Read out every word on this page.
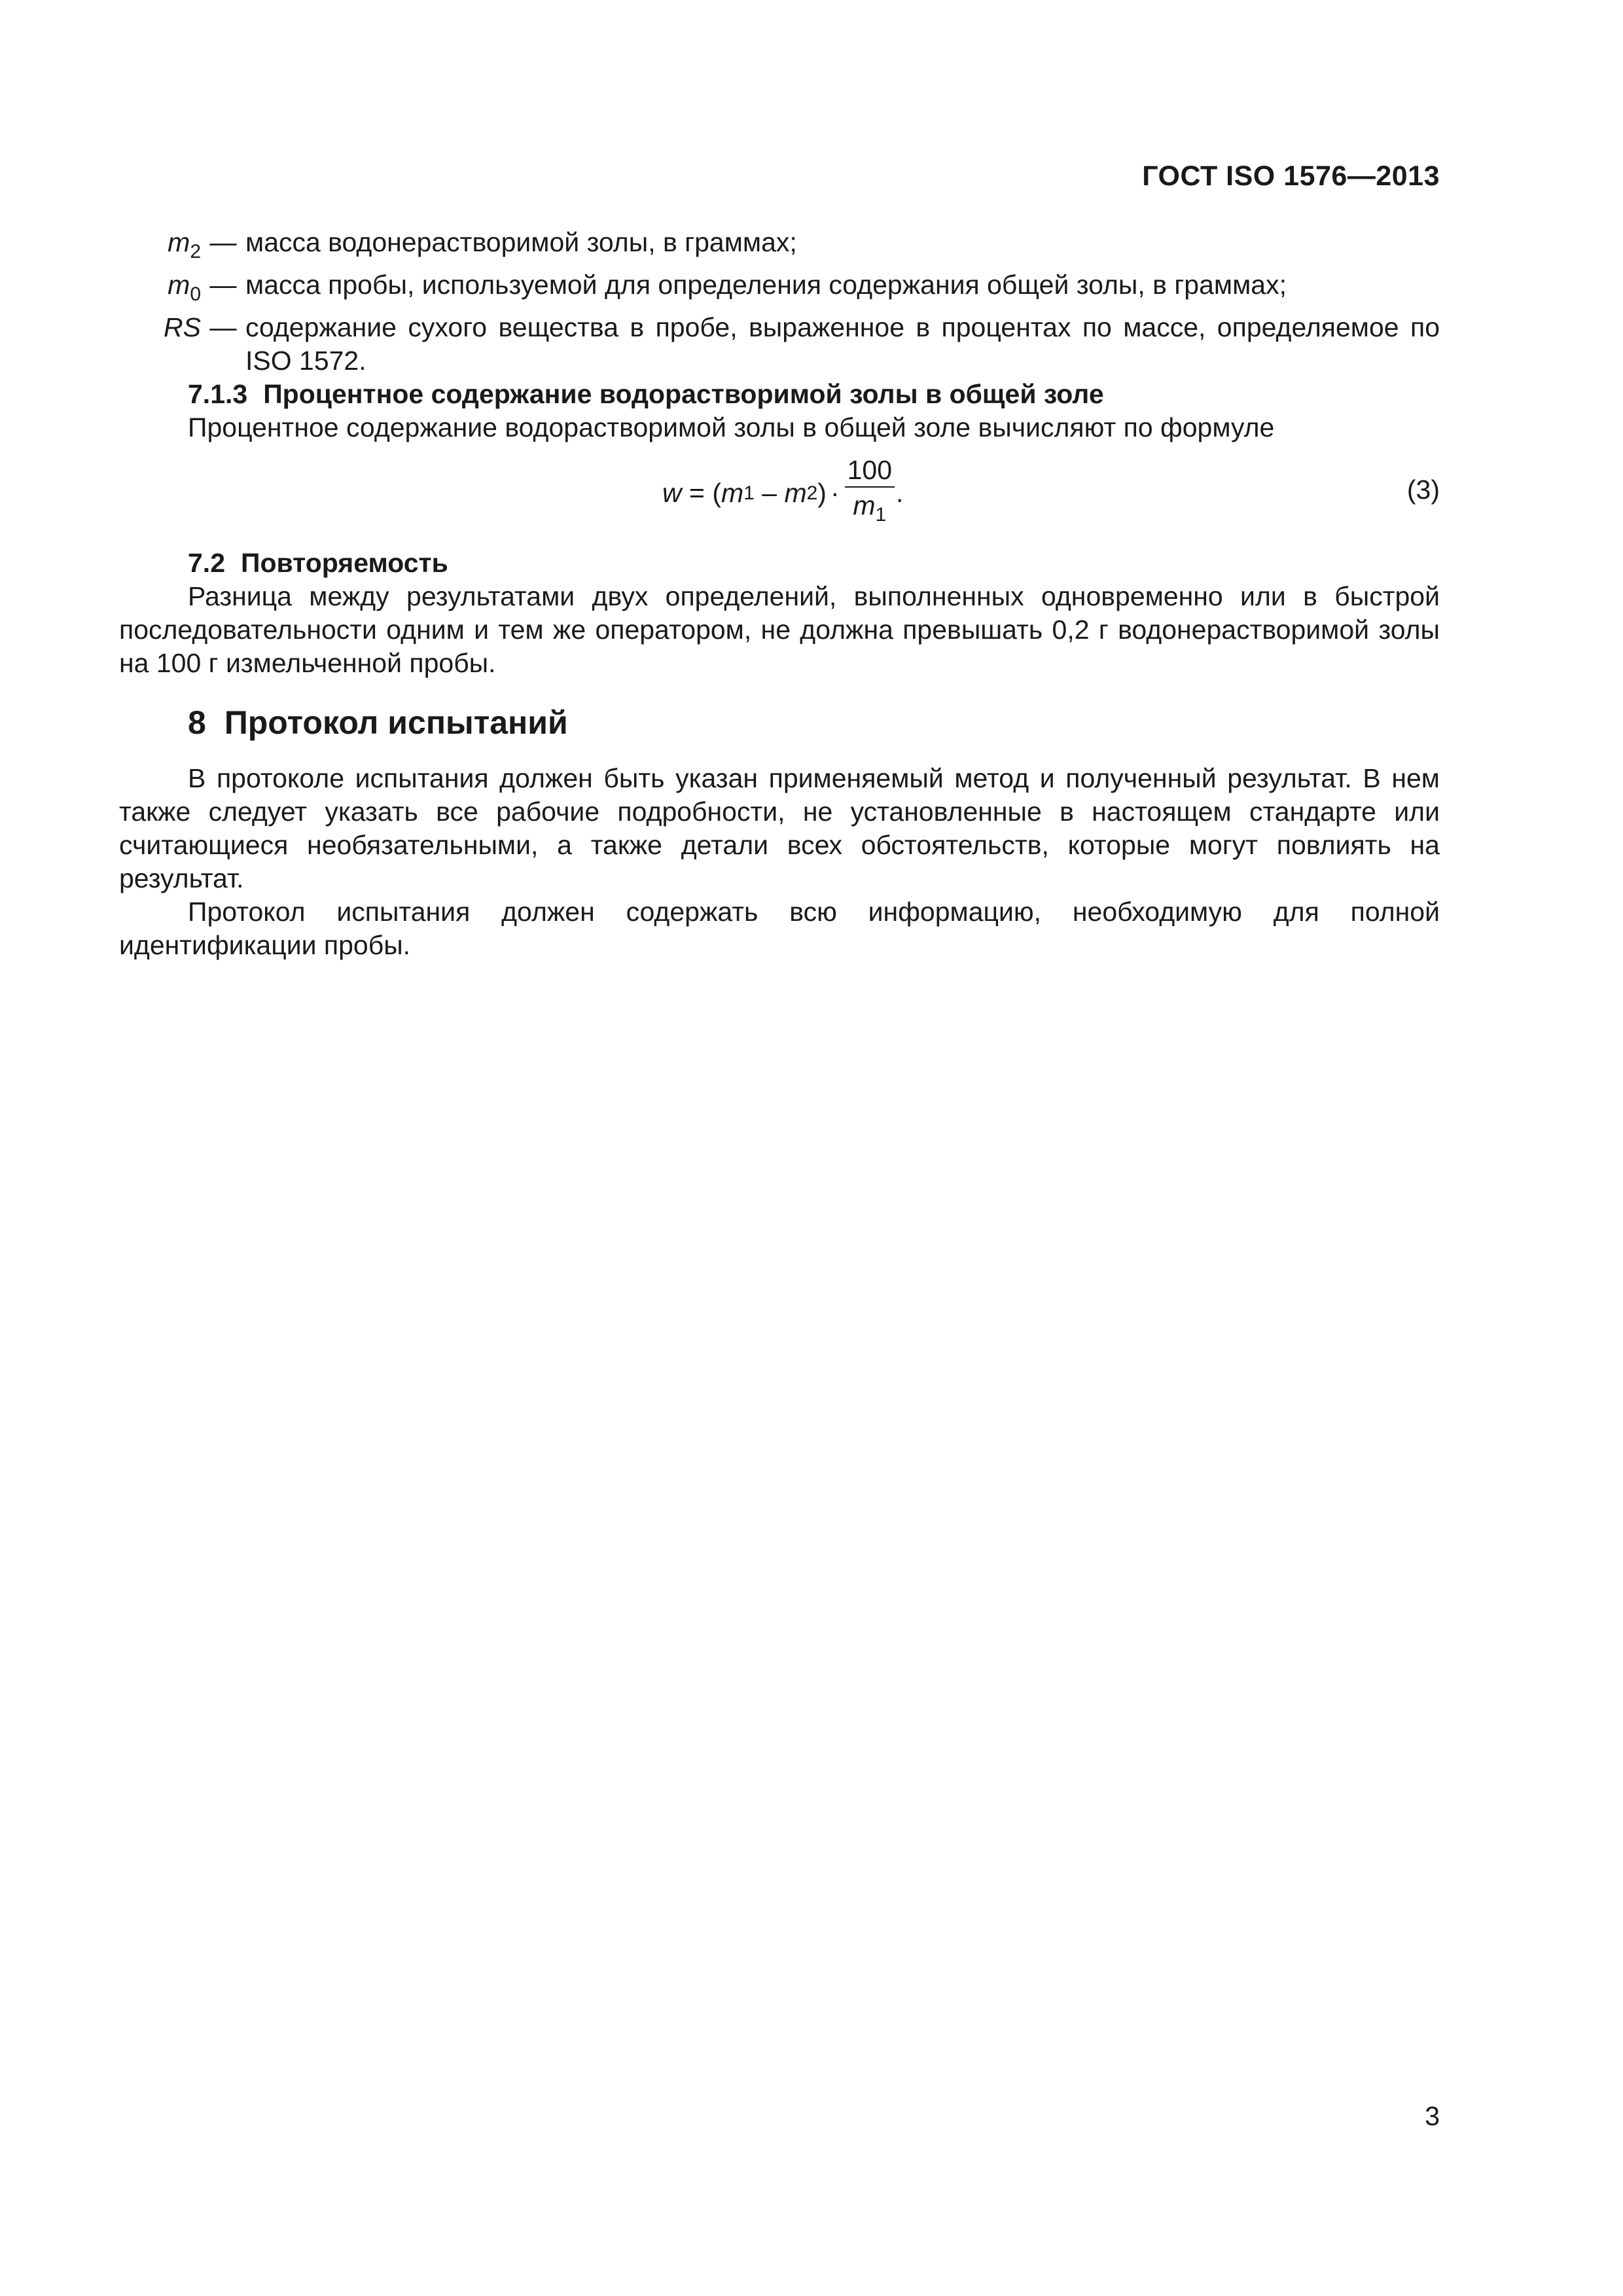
ГОСТ ISO 1576—2013
$m_2$ — масса водонерастворимой золы, в граммах;
$m_0$ — масса пробы, используемой для определения содержания общей золы, в граммах;
RS — содержание сухого вещества в пробе, выраженное в процентах по массе, определяемое по ISO 1572.
7.1.3 Процентное содержание водорастворимой золы в общей золе
Процентное содержание водорастворимой золы в общей золе вычисляют по формуле
w = ( m 1 – m 2 ) · $\frac{100}{m_1}$ .	(3)
7.2 Повторяемость

Разница между результатами двух определений, выполненных одновременно или в быстрой последовательности одним и тем же оператором, не должна превышать 0,2 г водонерастворимой золы на 100 г измельченной пробы.

8 Протокол испытаний

В протоколе испытания должен быть указан применяемый метод и полученный результат. В нем также следует указать все рабочие подробности, не установленные в настоящем стандарте или считающиеся необязательными, а также детали всех обстоятельств, которые могут повлиять на результат.

Протокол испытания должен содержать всю информацию, необходимую для полной идентификации пробы.

3
